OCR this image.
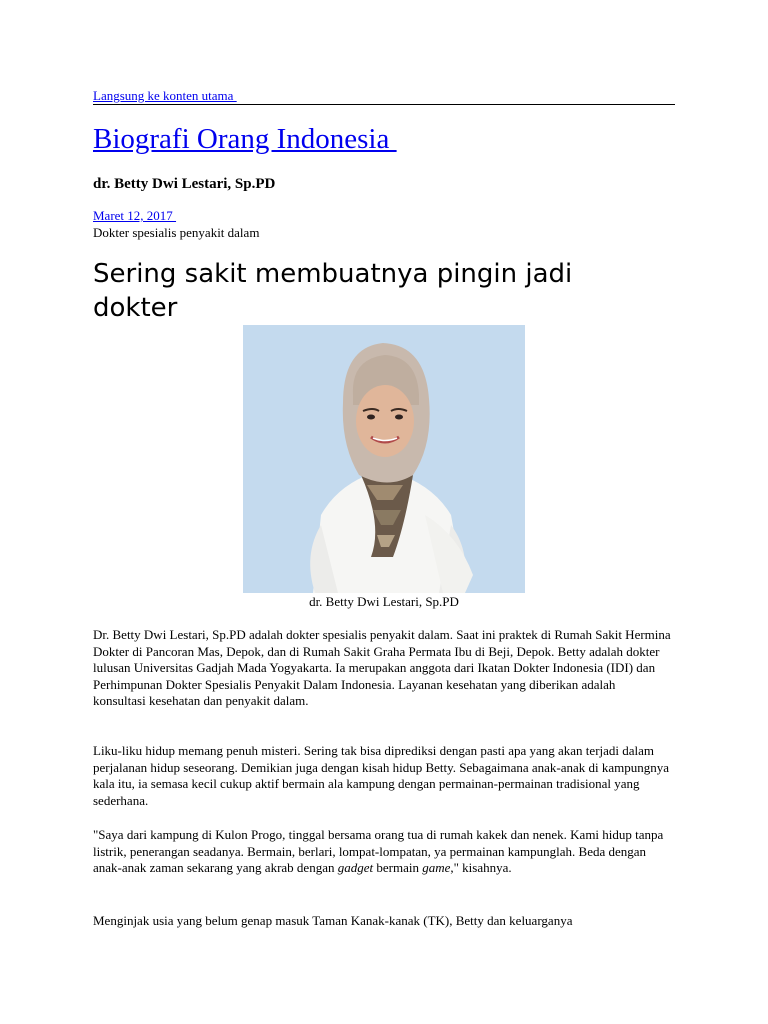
Langsung ke konten utama
Biografi Orang Indonesia
dr. Betty Dwi Lestari, Sp.PD
Maret 12, 2017
Dokter spesialis penyakit dalam
Sering sakit membuatnya pingin jadi dokter
dr. Betty Dwi Lestari, Sp.PD

Dr. Betty Dwi Lestari, Sp.PD adalah dokter spesialis penyakit dalam. Saat ini praktek di Rumah Sakit Hermina Dokter di Pancoran Mas, Depok, dan di Rumah Sakit Graha Permata Ibu di Beji, Depok. Betty adalah dokter lulusan Universitas Gadjah Mada Yogyakarta. Ia merupakan anggota dari Ikatan Dokter Indonesia (IDI) dan Perhimpunan Dokter Spesialis Penyakit Dalam Indonesia. Layanan kesehatan yang diberikan adalah konsultasi kesehatan dan penyakit dalam.

Liku-liku hidup memang penuh misteri. Sering tak bisa diprediksi dengan pasti apa yang akan terjadi dalam perjalanan hidup seseorang. Demikian juga dengan kisah hidup Betty. Sebagaimana anak-anak di kampungnya kala itu, ia semasa kecil cukup aktif bermain ala kampung dengan permainan-permainan tradisional yang sederhana.

"Saya dari kampung di Kulon Progo, tinggal bersama orang tua di rumah kakek dan nenek. Kami hidup tanpa listrik, penerangan seadanya. Bermain, berlari, lompat-lompatan, ya permainan kampunglah. Beda dengan anak-anak zaman sekarang yang akrab dengan gadget bermain game," kisahnya.

Menginjak usia yang belum genap masuk Taman Kanak-kanak (TK), Betty dan keluarganya
